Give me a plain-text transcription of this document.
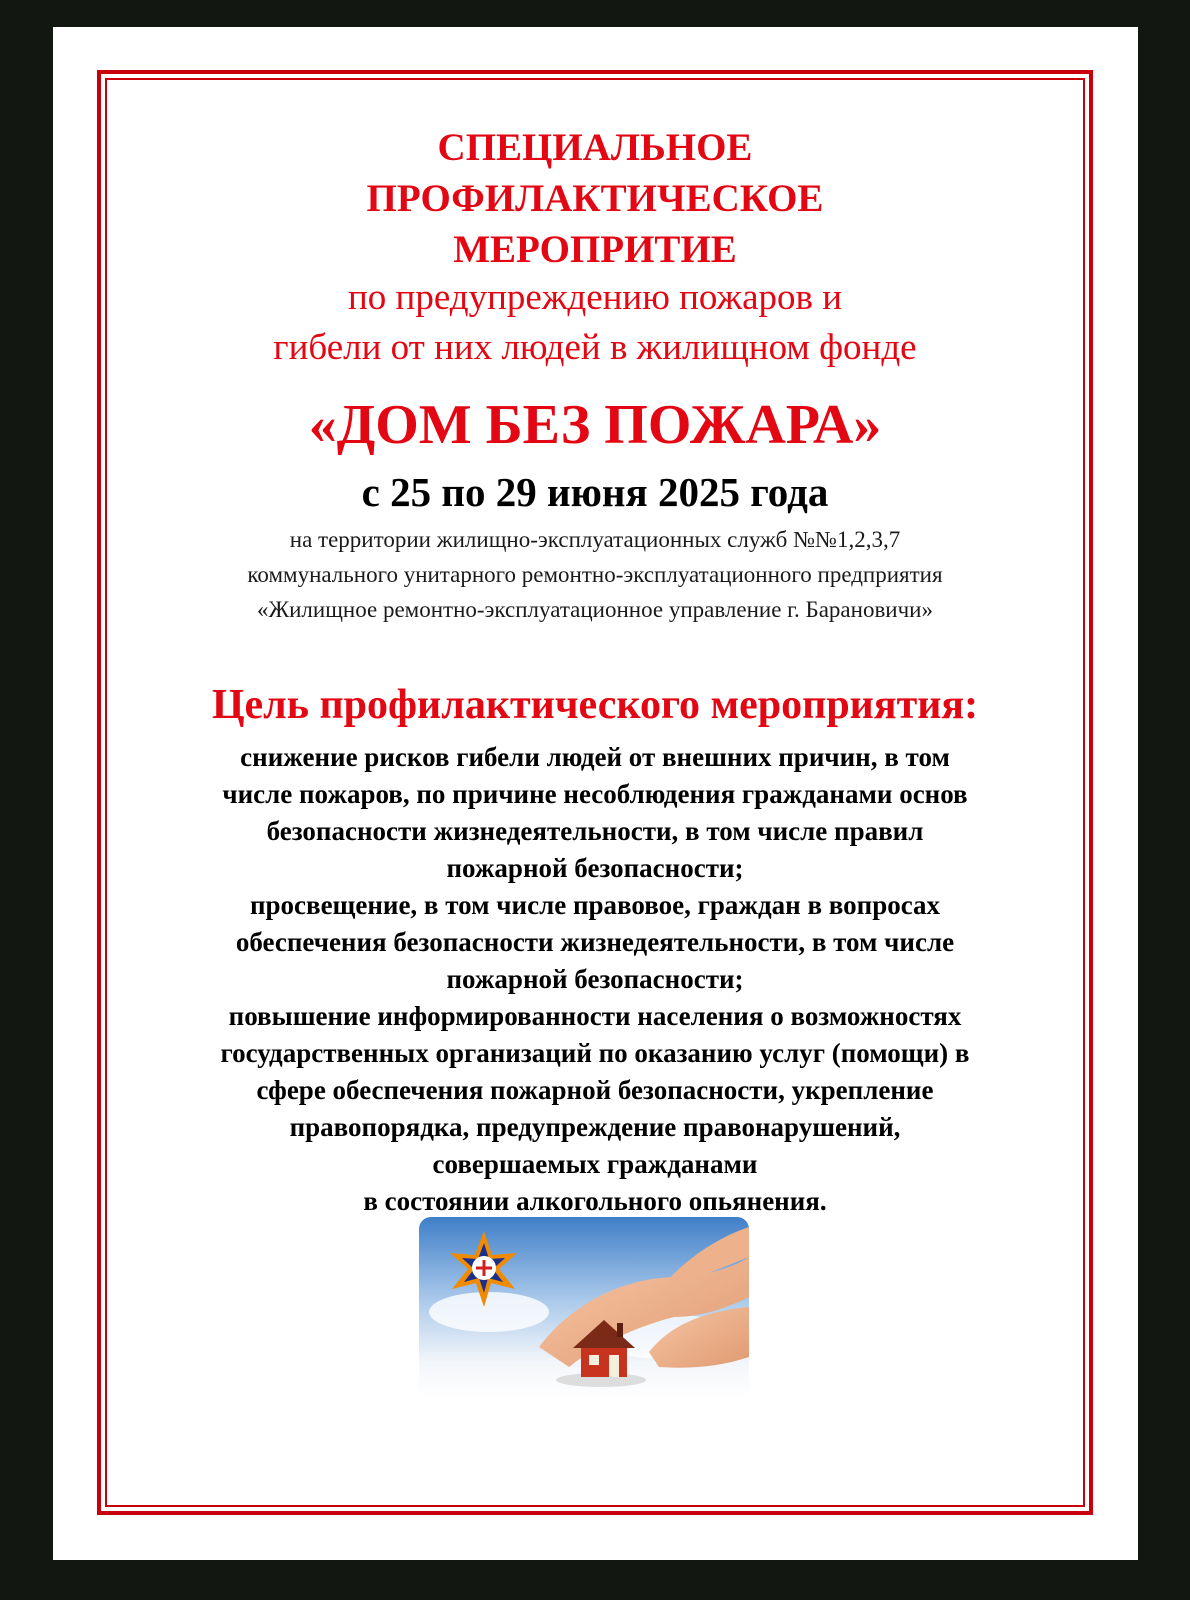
СПЕЦИАЛЬНОЕ
ПРОФИЛАКТИЧЕСКОЕ
МЕРОПРИТИЕ
по предупреждению пожаров и
гибели от них людей в жилищном фонде
«ДОМ БЕЗ ПОЖАРА»
с 25 по 29 июня 2025 года
на территории жилищно-эксплуатационных служб №№1,2,3,7
коммунального унитарного ремонтно-эксплуатационного предприятия
«Жилищное ремонтно-эксплуатационное управление г. Барановичи»
Цель профилактического мероприятия:
снижение рисков гибели людей от внешних причин, в том
числе пожаров, по причине несоблюдения гражданами основ
безопасности жизнедеятельности, в том числе правил
пожарной безопасности;
просвещение, в том числе правовое, граждан в вопросах
обеспечения безопасности жизнедеятельности, в том числе
пожарной безопасности;
повышение информированности населения о возможностях
государственных организаций по оказанию услуг (помощи) в
сфере обеспечения пожарной безопасности, укрепление
правопорядка, предупреждение правонарушений,
совершаемых гражданами
в состоянии алкогольного опьянения.
